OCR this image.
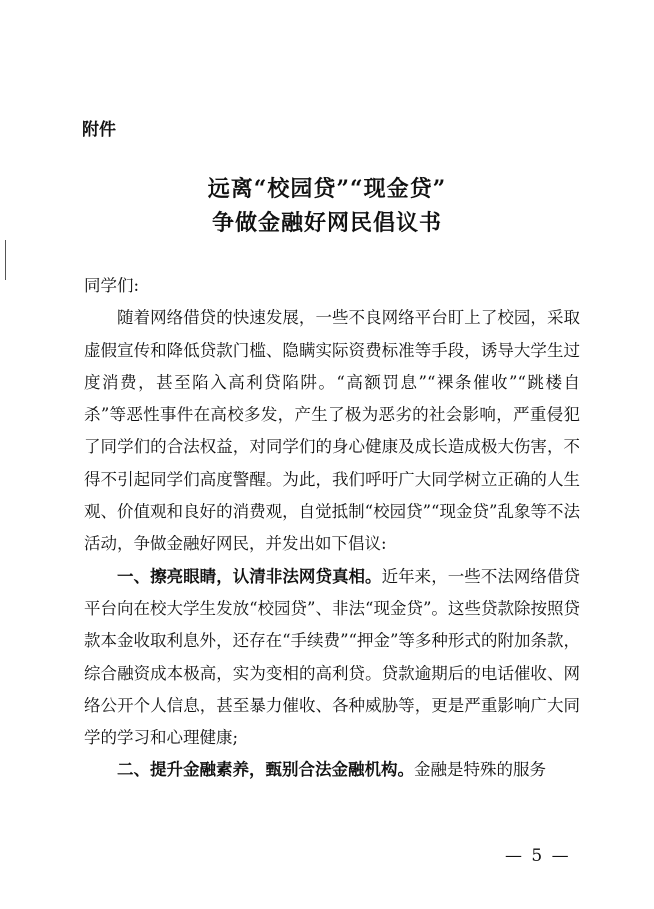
附件
远离“校园贷”“现金贷”
争做金融好网民倡议书

同学们:

随着网络借贷的快速发展，一些不良网络平台盯上了校园，采取虚假宣传和降低贷款门槛、隐瞒实际资费标准等手段，诱导大学生过度消费，甚至陷入高利贷陷阱。“高额罚息”“裸条催收”“跳楼自杀”等恶性事件在高校多发，产生了极为恶劣的社会影响，严重侵犯了同学们的合法权益，对同学们的身心健康及成长造成极大伤害，不得不引起同学们高度警醒。为此，我们呼吁广大同学树立正确的人生观、价值观和良好的消费观，自觉抵制“校园贷”“现金贷”乱象等不法活动，争做金融好网民，并发出如下倡议:

一、擦亮眼睛，认清非法网贷真相。近年来，一些不法网络借贷平台向在校大学生发放“校园贷”、非法“现金贷”。这些贷款除按照贷款本金收取利息外，还存在“手续费”“押金”等多种形式的附加条款，综合融资成本极高，实为变相的高利贷。贷款逾期后的电话催收、网络公开个人信息，甚至暴力催收、各种威胁等，更是严重影响广大同学的学习和心理健康;

二、提升金融素养，甄别合法金融机构。金融是特殊的服务

— 5 —
